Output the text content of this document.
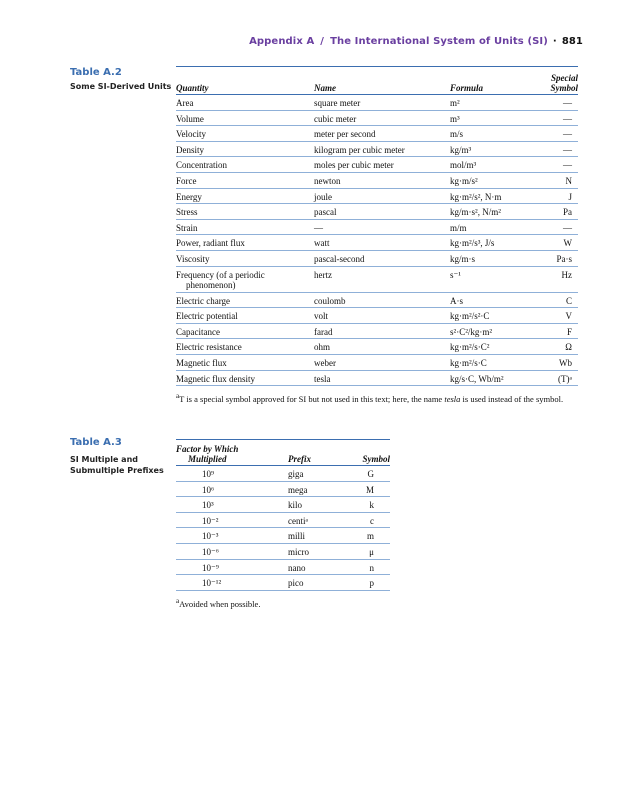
Appendix A / The International System of Units (SI) · 881
Table A.2
Some SI-Derived Units Quantity	Name	Formula	Special
Symbol
Area	square meter	m²	—
Volume	cubic meter	m³	—
Velocity	meter per second	m/s	—
Density	kilogram per cubic meter	kg/m³	—
Concentration	moles per cubic meter	mol/m³	—
Force	newton	kg·m/s²	N
Energy	joule	kg·m²/s², N·m	J
Stress	pascal	kg/m·s², N/m²	Pa
Strain	—	m/m	—
Power, radiant flux	watt	kg·m²/s³, J/s	W
Viscosity	pascal-second	kg/m·s	Pa·s
Frequency (of a periodic
phenomenon)	hertz	s⁻¹	Hz
Electric charge	coulomb	A·s	C
Electric potential	volt	kg·m²/s²·C	V
Capacitance	farad	s²·C²/kg·m²	F
Electric resistance	ohm	kg·m²/s·C²	Ω
Magnetic flux	weber	kg·m²/s·C	Wb
Magnetic flux density	tesla	kg/s·C, Wb/m²	(T)ᵃ
$^a$T is a special symbol approved for SI but not used in this text; here, the name tesla is used instead of the symbol.
Table A.3
SI Multiple and Submultiple Prefixes
Factor by Which
Multiplied	Prefix	Symbol
10⁹	giga	G
10⁶	mega	M
10³	kilo	k
10⁻²	centiᵃ	c
10⁻³	milli	m
10⁻⁶	micro	μ
10⁻⁹	nano	n
10⁻¹²	pico	p
$^a$Avoided when possible.
